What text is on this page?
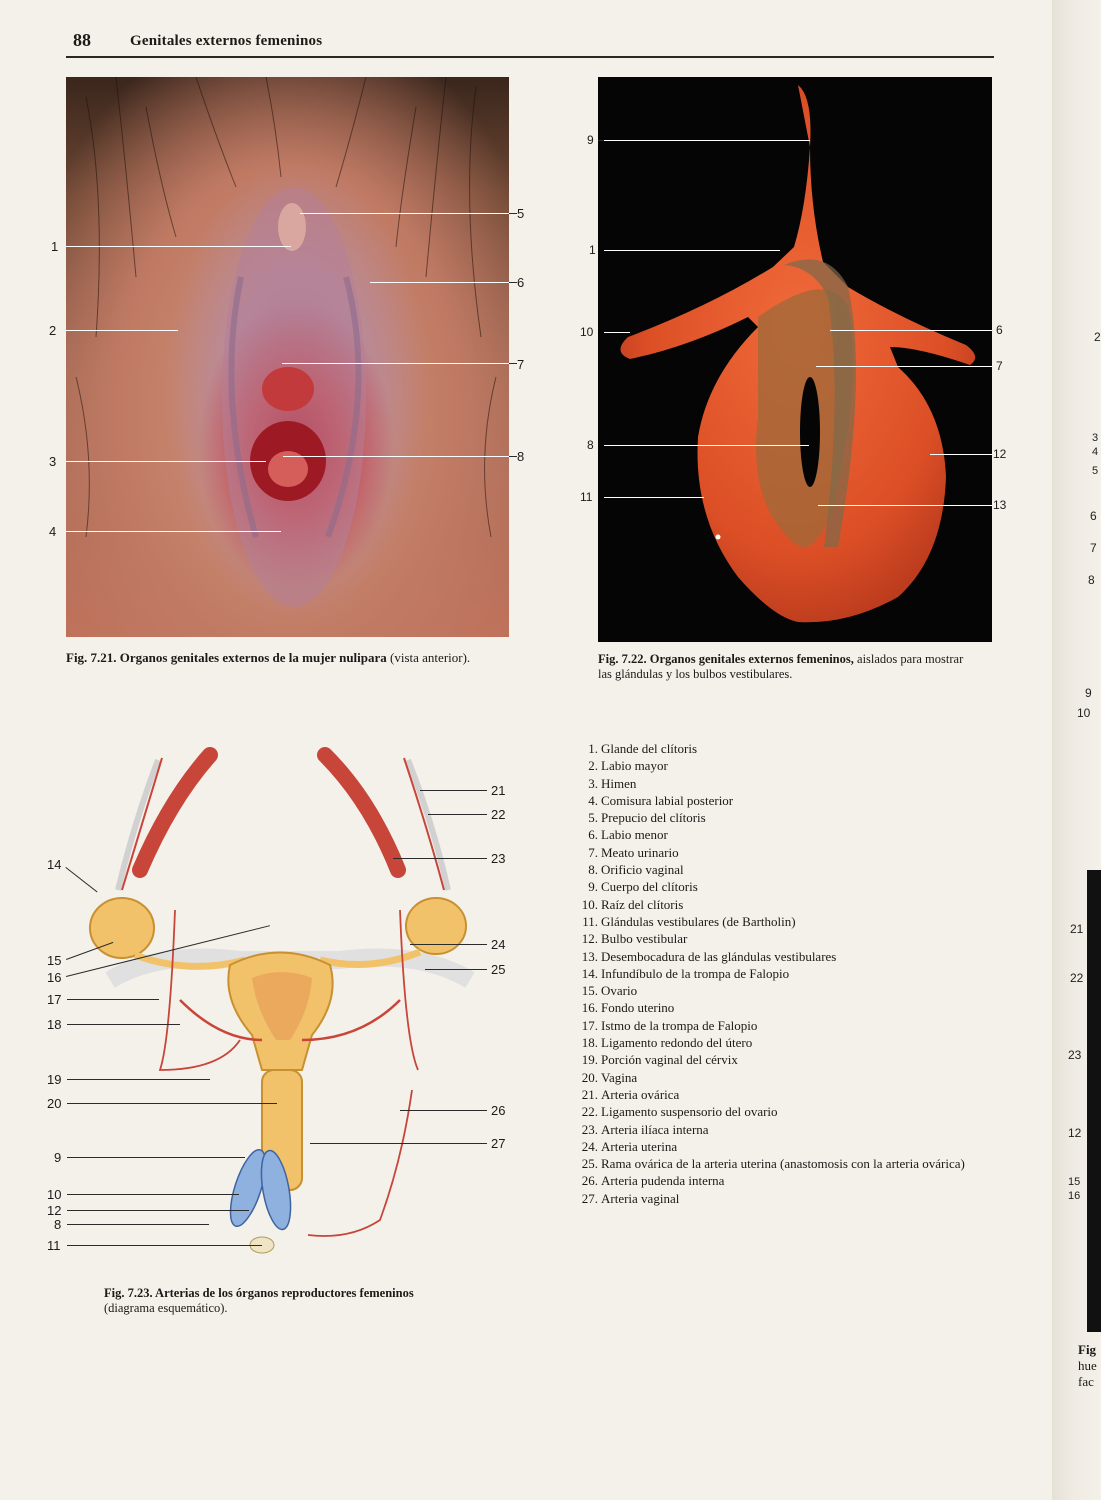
88	Genitales externos femeninos
1
2
3
4
5
6
7
8
Fig. 7.21. Organos genitales externos de la mujer nulipara (vista anterior).
9
1
10
8
11
6
7
12
13
Fig. 7.22. Organos genitales externos femeninos, aislados para mostrar las glándulas y los bulbos vestibulares.
14
15
16
17
18
19
20
9
10
12
8
11
21
22
23
24
25
26
27
Fig. 7.23. Arterias de los órganos reproductores femeninos (diagrama esquemático).
1. Glande del clítoris
2. Labio mayor
3. Himen
4. Comisura labial posterior
5. Prepucio del clítoris
6. Labio menor
7. Meato urinario
8. Orificio vaginal
9. Cuerpo del clítoris
10. Raíz del clítoris
11. Glándulas vestibulares (de Bartholin)
12. Bulbo vestibular
13. Desembocadura de las glándulas vestibulares
14. Infundíbulo de la trompa de Falopio
15. Ovario
16. Fondo uterino
17. Istmo de la trompa de Falopio
18. Ligamento redondo del útero
19. Porción vaginal del cérvix
20. Vagina
21. Arteria ovárica
22. Ligamento suspensorio del ovario
23. Arteria ilíaca interna
24. Arteria uterina
25. Rama ovárica de la arteria uterina (anastomosis con la arteria ovárica)
26. Arteria pudenda interna
27. Arteria vaginal
2
3
4
5
6
7
8
9
10
21
22
23
12
15
16
Fig
hue
fac
